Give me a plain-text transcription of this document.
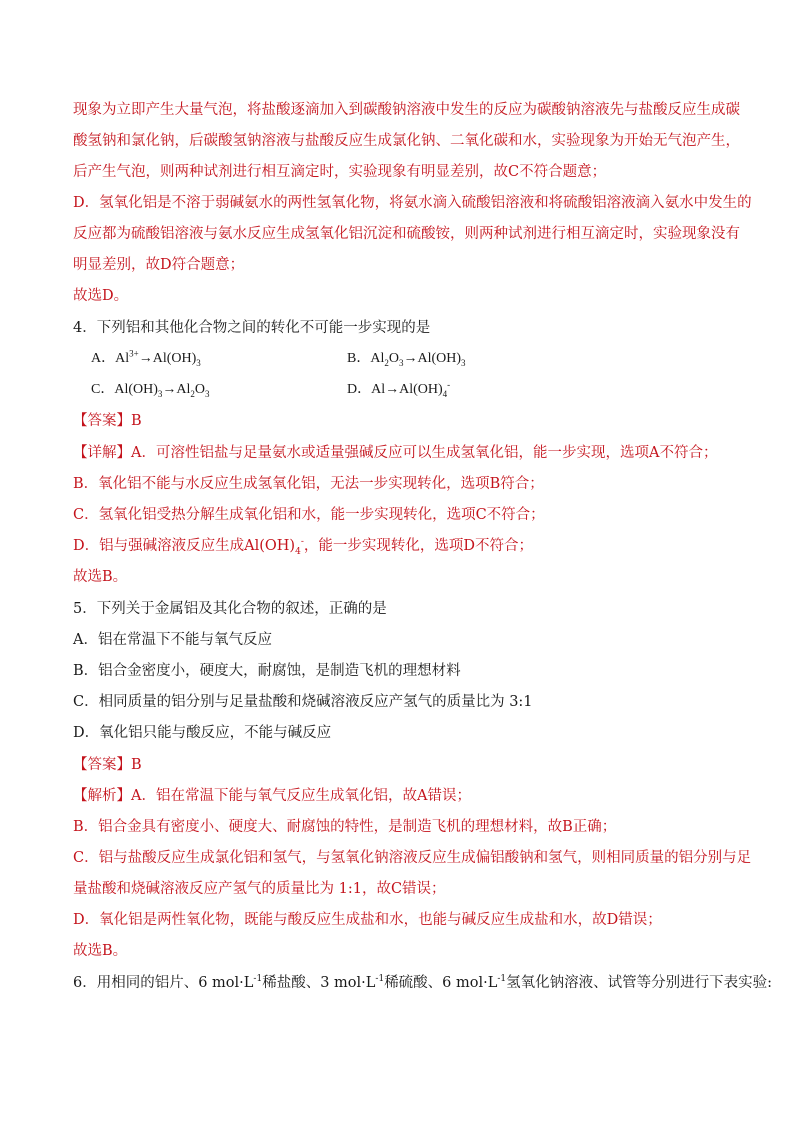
现象为立即产生大量气泡，将盐酸逐滴加入到碳酸钠溶液中发生的反应为碳酸钠溶液先与盐酸反应生成碳
酸氢钠和氯化钠，后碳酸氢钠溶液与盐酸反应生成氯化钠、二氧化碳和水，实验现象为开始无气泡产生，
后产生气泡，则两种试剂进行相互滴定时，实验现象有明显差别，故C不符合题意；
D．氢氧化铝是不溶于弱碱氨水的两性氢氧化物，将氨水滴入硫酸铝溶液和将硫酸铝溶液滴入氨水中发生的
反应都为硫酸铝溶液与氨水反应生成氢氧化铝沉淀和硫酸铵，则两种试剂进行相互滴定时，实验现象没有
明显差别，故D符合题意；
故选D。
4．下列铝和其他化合物之间的转化不可能一步实现的是
A．$Al^{3+}\to Al(OH)_3$	B．$Al_2O_3\to Al(OH)_3$
C．$Al(OH)_3\to Al_2O_3$	D．$Al\to Al(OH)_4^-$
【答案】B
【详解】A．可溶性铝盐与足量氨水或适量强碱反应可以生成氢氧化铝，能一步实现，选项A不符合；
B．氧化铝不能与水反应生成氢氧化铝，无法一步实现转化，选项B符合；
C．氢氧化铝受热分解生成氧化铝和水，能一步实现转化，选项C不符合；
D．铝与强碱溶液反应生成$Al(OH)_4^-$，能一步实现转化，选项D不符合；
故选B。
5．下列关于金属铝及其化合物的叙述，正确的是
A．铝在常温下不能与氧气反应
B．铝合金密度小，硬度大，耐腐蚀，是制造飞机的理想材料
C．相同质量的铝分别与足量盐酸和烧碱溶液反应产氢气的质量比为 3:1
D．氧化铝只能与酸反应，不能与碱反应
【答案】B
【解析】A．铝在常温下能与氧气反应生成氧化铝，故A错误；
B．铝合金具有密度小、硬度大、耐腐蚀的特性，是制造飞机的理想材料，故B正确；
C．铝与盐酸反应生成氯化铝和氢气，与氢氧化钠溶液反应生成偏铝酸钠和氢气，则相同质量的铝分别与足
量盐酸和烧碱溶液反应产氢气的质量比为 1:1，故C错误；
D．氧化铝是两性氧化物，既能与酸反应生成盐和水，也能与碱反应生成盐和水，故D错误；
故选B。
6．用相同的铝片、6 $mol\cdot L^{-1}$稀盐酸、3 $mol\cdot L^{-1}$稀硫酸、6 $mol\cdot L^{-1}$氢氧化钠溶液、试管等分别进行下表实验:
